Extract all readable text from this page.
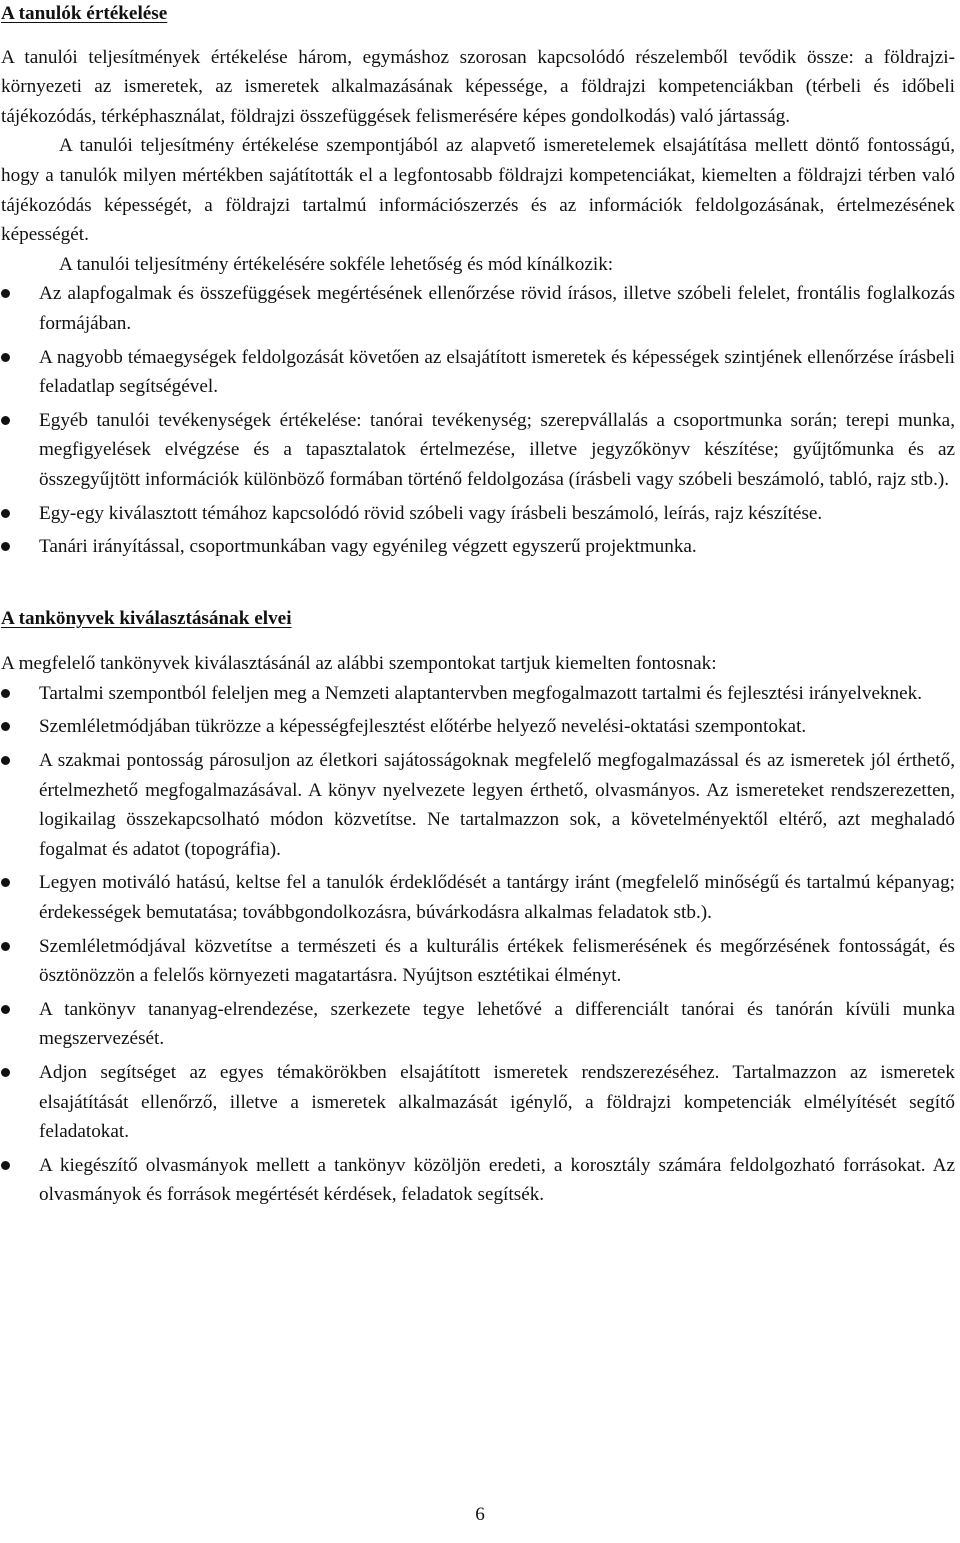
A tanulók értékelése

A tanulói teljesítmények értékelése három, egymáshoz szorosan kapcsolódó részelemből tevődik össze: a földrajzi-környezeti az ismeretek, az ismeretek alkalmazásának képessége, a földrajzi kompetenciákban (térbeli és időbeli tájékozódás, térképhasználat, földrajzi összefüggések felismerésére képes gondolkodás) való jártasság.

A tanulói teljesítmény értékelése szempontjából az alapvető ismeretelemek elsajátítása mellett döntő fontosságú, hogy a tanulók milyen mértékben sajátították el a legfontosabb földrajzi kompetenciákat, kiemelten a földrajzi térben való tájékozódás képességét, a földrajzi tartalmú információszerzés és az információk feldolgozásának, értelmezésének képességét.

A tanulói teljesítmény értékelésére sokféle lehetőség és mód kínálkozik:

Az alapfogalmak és összefüggések megértésének ellenőrzése rövid írásos, illetve szóbeli felelet, frontális foglalkozás formájában.
A nagyobb témaegységek feldolgozását követően az elsajátított ismeretek és képességek szintjének ellenőrzése írásbeli feladatlap segítségével.
Egyéb tanulói tevékenységek értékelése: tanórai tevékenység; szerepvállalás a csoportmunka során; terepi munka, megfigyelések elvégzése és a tapasztalatok értelmezése, illetve jegyzőkönyv készítése; gyűjtőmunka és az összegyűjtött információk különböző formában történő feldolgozása (írásbeli vagy szóbeli beszámoló, tabló, rajz stb.).
Egy-egy kiválasztott témához kapcsolódó rövid szóbeli vagy írásbeli beszámoló, leírás, rajz készítése.
Tanári irányítással, csoportmunkában vagy egyénileg végzett egyszerű projektmunka.
A tankönyvek kiválasztásának elvei

A megfelelő tankönyvek kiválasztásánál az alábbi szempontokat tartjuk kiemelten fontosnak:

Tartalmi szempontból feleljen meg a Nemzeti alaptantervben megfogalmazott tartalmi és fejlesztési irányelveknek.
Szemléletmódjában tükrözze a képességfejlesztést előtérbe helyező nevelési-oktatási szempontokat.
A szakmai pontosság párosuljon az életkori sajátosságoknak megfelelő megfogalmazással és az ismeretek jól érthető, értelmezhető megfogalmazásával. A könyv nyelvezete legyen érthető, olvasmányos. Az ismereteket rendszerezetten, logikailag összekapcsolható módon közvetítse. Ne tartalmazzon sok, a követelményektől eltérő, azt meghaladó fogalmat és adatot (topográfia).
Legyen motiváló hatású, keltse fel a tanulók érdeklődését a tantárgy iránt (megfelelő minőségű és tartalmú képanyag; érdekességek bemutatása; továbbgondolkozásra, búvárkodásra alkalmas feladatok stb.).
Szemléletmódjával közvetítse a természeti és a kulturális értékek felismerésének és megőrzésének fontosságát, és ösztönözzön a felelős környezeti magatartásra. Nyújtson esztétikai élményt.
A tankönyv tananyag-elrendezése, szerkezete tegye lehetővé a differenciált tanórai és tanórán kívüli munka megszervezését.
Adjon segítséget az egyes témakörökben elsajátított ismeretek rendszerezéséhez. Tartalmazzon az ismeretek elsajátítását ellenőrző, illetve a ismeretek alkalmazását igénylő, a földrajzi kompetenciák elmélyítését segítő feladatokat.
A kiegészítő olvasmányok mellett a tankönyv közöljön eredeti, a korosztály számára feldolgozható forrásokat. Az olvasmányok és források megértését kérdések, feladatok segítsék.
6
